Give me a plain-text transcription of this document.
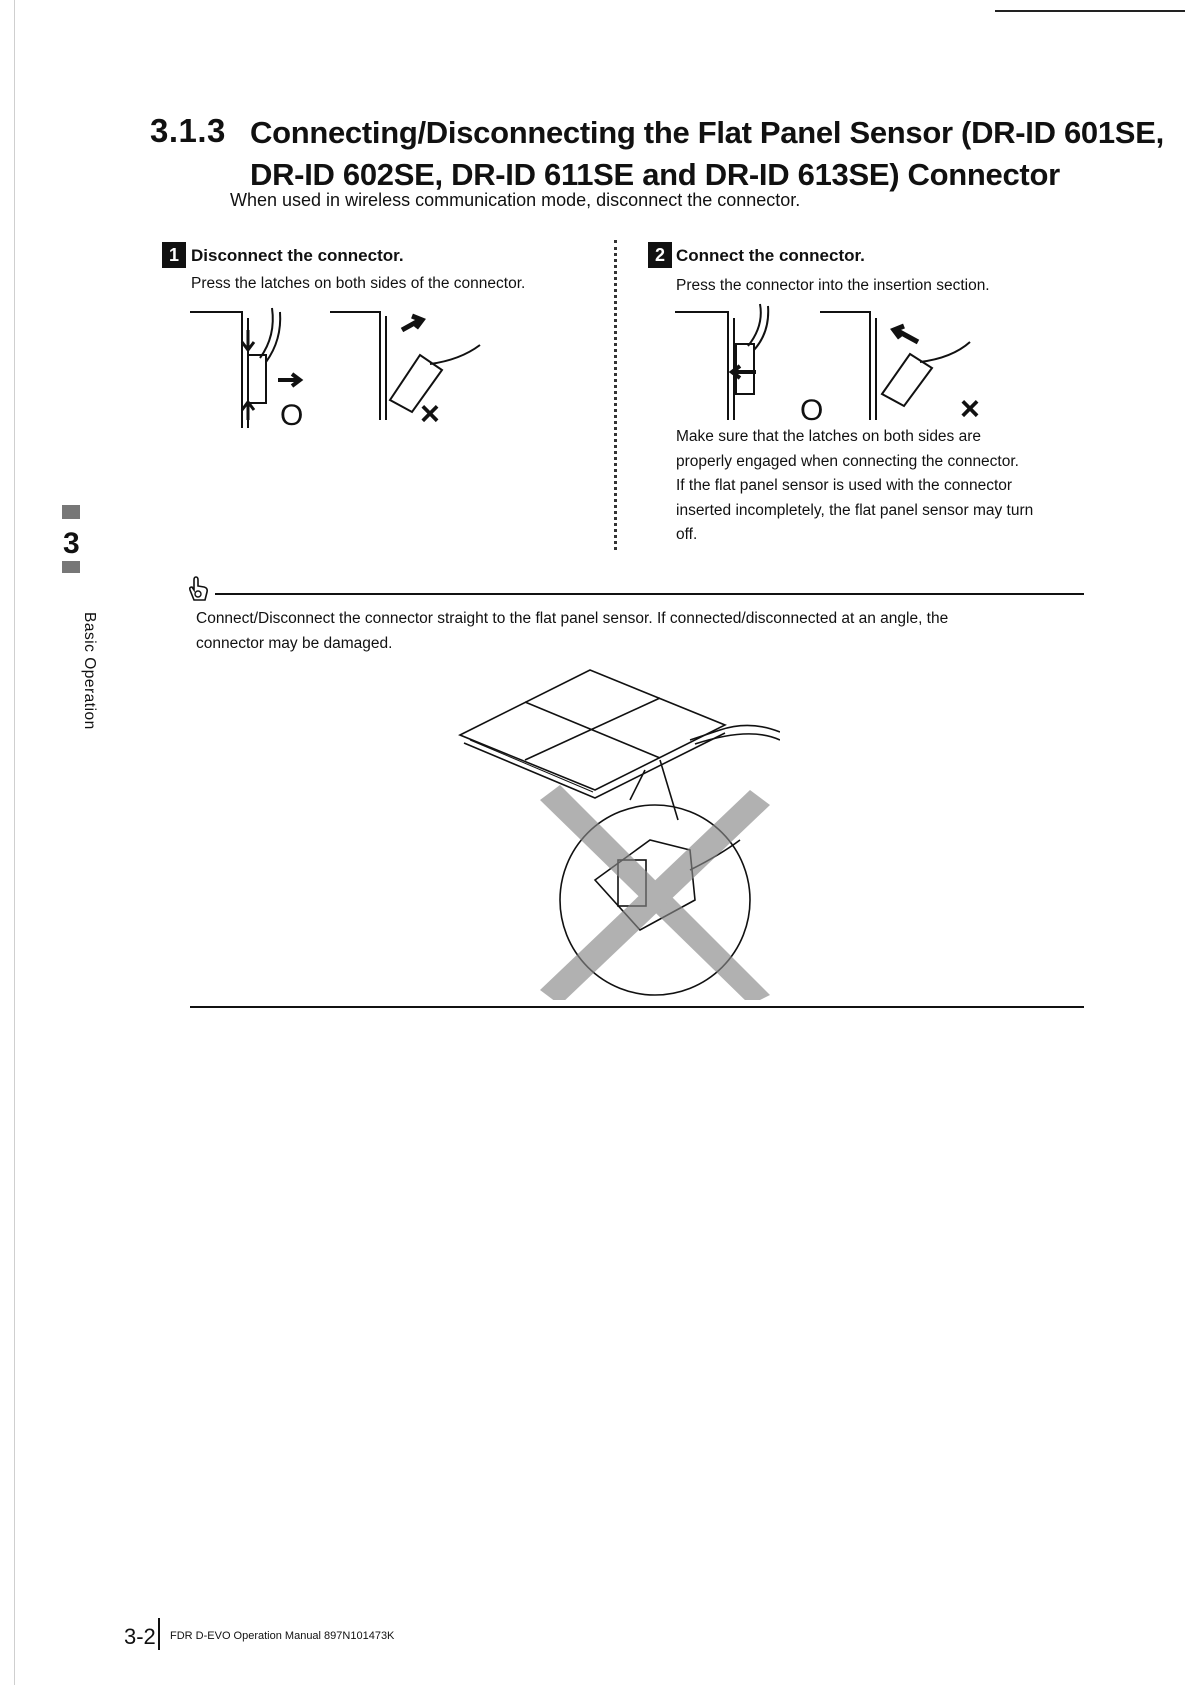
3.1.3 Connecting/Disconnecting the Flat Panel Sensor (DR-ID 601SE,
DR-ID 602SE, DR-ID 611SE and DR-ID 613SE) Connector
When used in wireless communication mode, disconnect the connector.
1 Disconnect the connector.
Press the latches on both sides of the connector.
O	×
2 Connect the connector.
Press the connector into the insertion section.
O	×
Make sure that the latches on both sides are
properly engaged when connecting the connector.
If the flat panel sensor is used with the connector
inserted incompletely, the flat panel sensor may turn
off.
Connect/Disconnect the connector straight to the flat panel sensor. If connected/disconnected at an angle, the
connector may be damaged.
3
Basic Operation
3-2 FDR D-EVO Operation Manual 897N101473K
